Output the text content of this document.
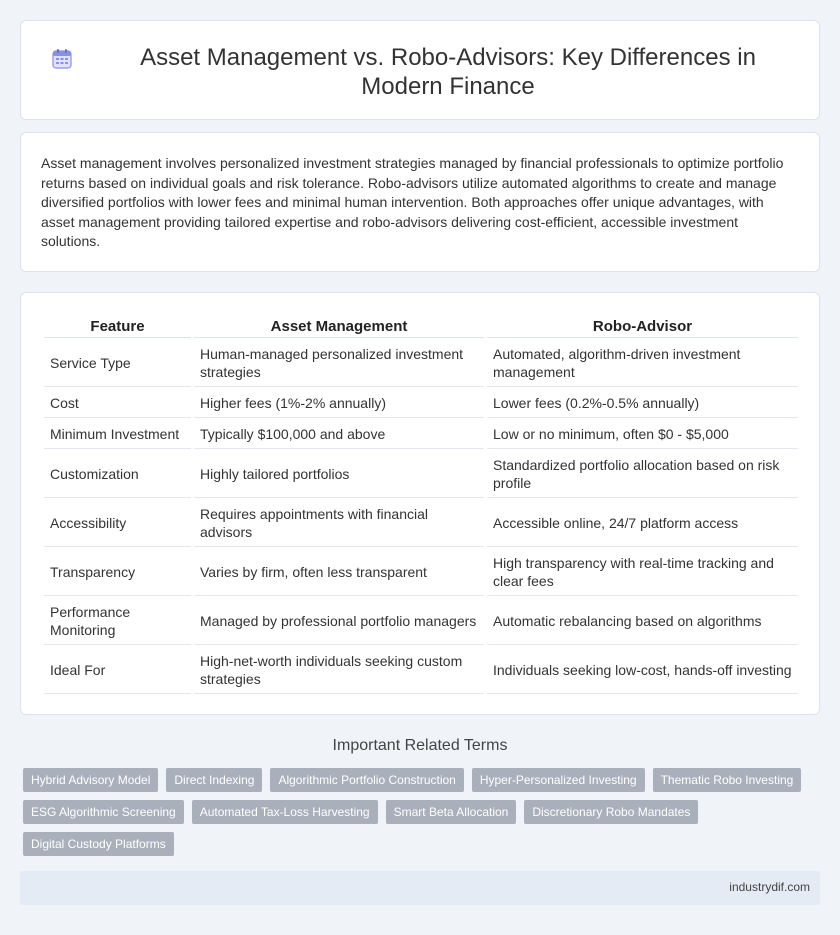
Asset Management vs. Robo-Advisors: Key Differences in Modern Finance

Asset management involves personalized investment strategies managed by financial professionals to optimize portfolio returns based on individual goals and risk tolerance. Robo-advisors utilize automated algorithms to create and manage diversified portfolios with lower fees and minimal human intervention. Both approaches offer unique advantages, with asset management providing tailored expertise and robo-advisors delivering cost-efficient, accessible investment solutions.

Feature	Asset Management	Robo-Advisor
Service Type	Human-managed personalized investment strategies	Automated, algorithm-driven investment management
Cost	Higher fees (1%-2% annually)	Lower fees (0.2%-0.5% annually)
Minimum Investment	Typically $100,000 and above	Low or no minimum, often $0 - $5,000
Customization	Highly tailored portfolios	Standardized portfolio allocation based on risk profile
Accessibility	Requires appointments with financial advisors	Accessible online, 24/7 platform access
Transparency	Varies by firm, often less transparent	High transparency with real-time tracking and clear fees
Performance Monitoring	Managed by professional portfolio managers	Automatic rebalancing based on algorithms
Ideal For	High-net-worth individuals seeking custom strategies	Individuals seeking low-cost, hands-off investing
Important Related Terms
Hybrid Advisory Model	Direct Indexing	Algorithmic Portfolio Construction	Hyper-Personalized Investing	Thematic Robo Investing
ESG Algorithmic Screening	Automated Tax-Loss Harvesting	Smart Beta Allocation	Discretionary Robo Mandates
Digital Custody Platforms
industrydif.com
